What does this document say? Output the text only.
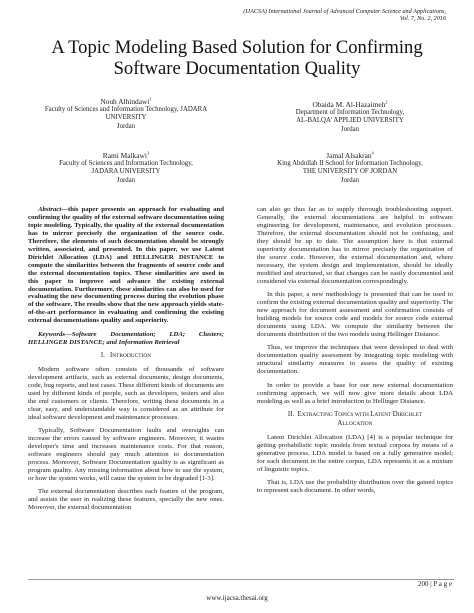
(IJACSA) International Journal of Advanced Computer Science and Applications,
Vol. 7, No. 2, 2016
A Topic Modeling Based Solution for Confirming
Software Documentation Quality
Nouh Alhindawi$^1$
Faculty of Sciences and Information Technology, JADARA
UNIVERSITY
Jordan
Obaida M. Al-Hazaimeh$^2$
Department of Information Technology,
AL-BALQA' APPLIED UNIVERSITY
Jordan
Rami Malkawi$^3$
Faculty of Sciences and Information Technology,
JADARA UNIVERSITY
Jordan
Jamal Alsakran$^4$
King Abdullah II School for Information Technology,
THE UNIVERSITY OF JORDAN
Jordan

Abstract—this paper presents an approach for evaluating and confirming the quality of the external software documentation using topic modeling. Typically, the quality of the external documentation has to mirror precisely the organization of the source code. Therefore, the elements of such documentation should be strongly written, associated, and presented. In this paper, we use Latent Dirichlet Allocation (LDA) and HELLINGER DISTANCE to compute the similarities between the fragments of source code and the external documentation topics. These similarities are used in this paper to improve and advance the existing external documentation. Furthermore, these similarities can also be used for evaluating the new documenting process during the evolution phase of the software. The results show that the new approach yields state-of-the-art performance in evaluating and confirming the existing external documentations quality and superiority.

Keywords—Software Documentation; LDA; Clusters; HELLINGER DISTANCE; and Information Retrieval

I. INTRODUCTION

Modern software often consists of thousands of software development artifacts, such as external documents, design documents, code, bug reports, and test cases. These different kinds of documents are used by different kinds of people, such as developers, testers and also the end customers or clients. Therefore, writing these documents in a clear, easy, and understandable way is considered as an attribute for ideal software development and maintenance processes.

Typically, Software Documentation faults and oversights can increase the errors caused by software engineers. Moreover, it wastes developer's time and increases maintenance costs. For that reason, software engineers should pay much attention to documentation process. Moreover, Software Documentation quality is as significant as program quality. Any missing information about how to use the system, or how the system works, will cause the system to be degraded [1-3].

The external documentation describes each feature of the program, and assists the user in realizing these features, specially the new ones. Moreover, the external documentation

can also go thus far as to supply thorough troubleshooting support. Generally, the external documentations are helpful in software engineering for development, maintenance, and evolution processes. Therefore, the external documentation should not be confusing, and they should be up to date. The assumption here is that external superiority documentation has to mirror precisely the organization of the source code. However, the external documentation and, where necessary, the system design and implementation, should be ideally modified and structured, so that changes can be easily documented and considered via external documentation correspondingly.

In this paper, a new methodology is presented that can be used to confirm the existing external documentation quality and superiority. The new approach for document assessment and confirmation consists of building models for source code and models for source code external documents using LDA. We compute the similarity between the documents distribution of the two models using Hellinger Distance.

Thus, we improve the techniques that were developed to deal with documentation quality assessment by integrating topic modeling with structural similarity measures to assess the quality of existing documentation.

In order to provide a base for our new external documentation confirming approach, we will now give more details about LDA modeling as well as a brief introduction to Hellinger Distance.

II. EXTRACTING TOPICS WITH LATENT DIRICHLET
ALLOCATION

Latent Dirichlet Allocation (LDA) [4] is a popular technique for getting probabilistic topic models from textual corpora by means of a generative process. LDA model is based on a fully generative model; for each document in the entire corpus, LDA represents it as a mixture of linguistic topics.

That is, LDA use the probability distribution over the gained topics to represent each document. In other words,

200 | P a g e
www.ijacsa.thesai.org
